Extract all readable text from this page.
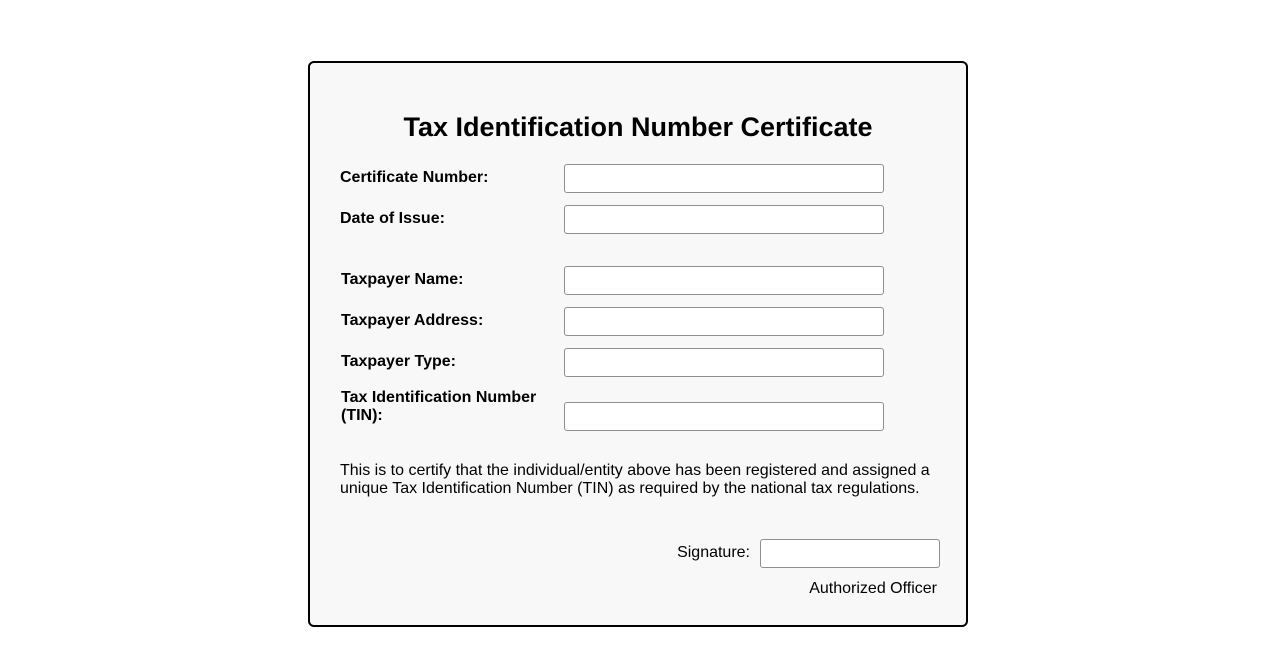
Tax Identification Number Certificate
Certificate Number:
Date of Issue:
Taxpayer Name:
Taxpayer Address:
Taxpayer Type:
Tax Identification Number (TIN):

This is to certify that the individual/entity above has been registered and assigned a unique Tax Identification Number (TIN) as required by the national tax regulations.

Signature:
Authorized Officer
